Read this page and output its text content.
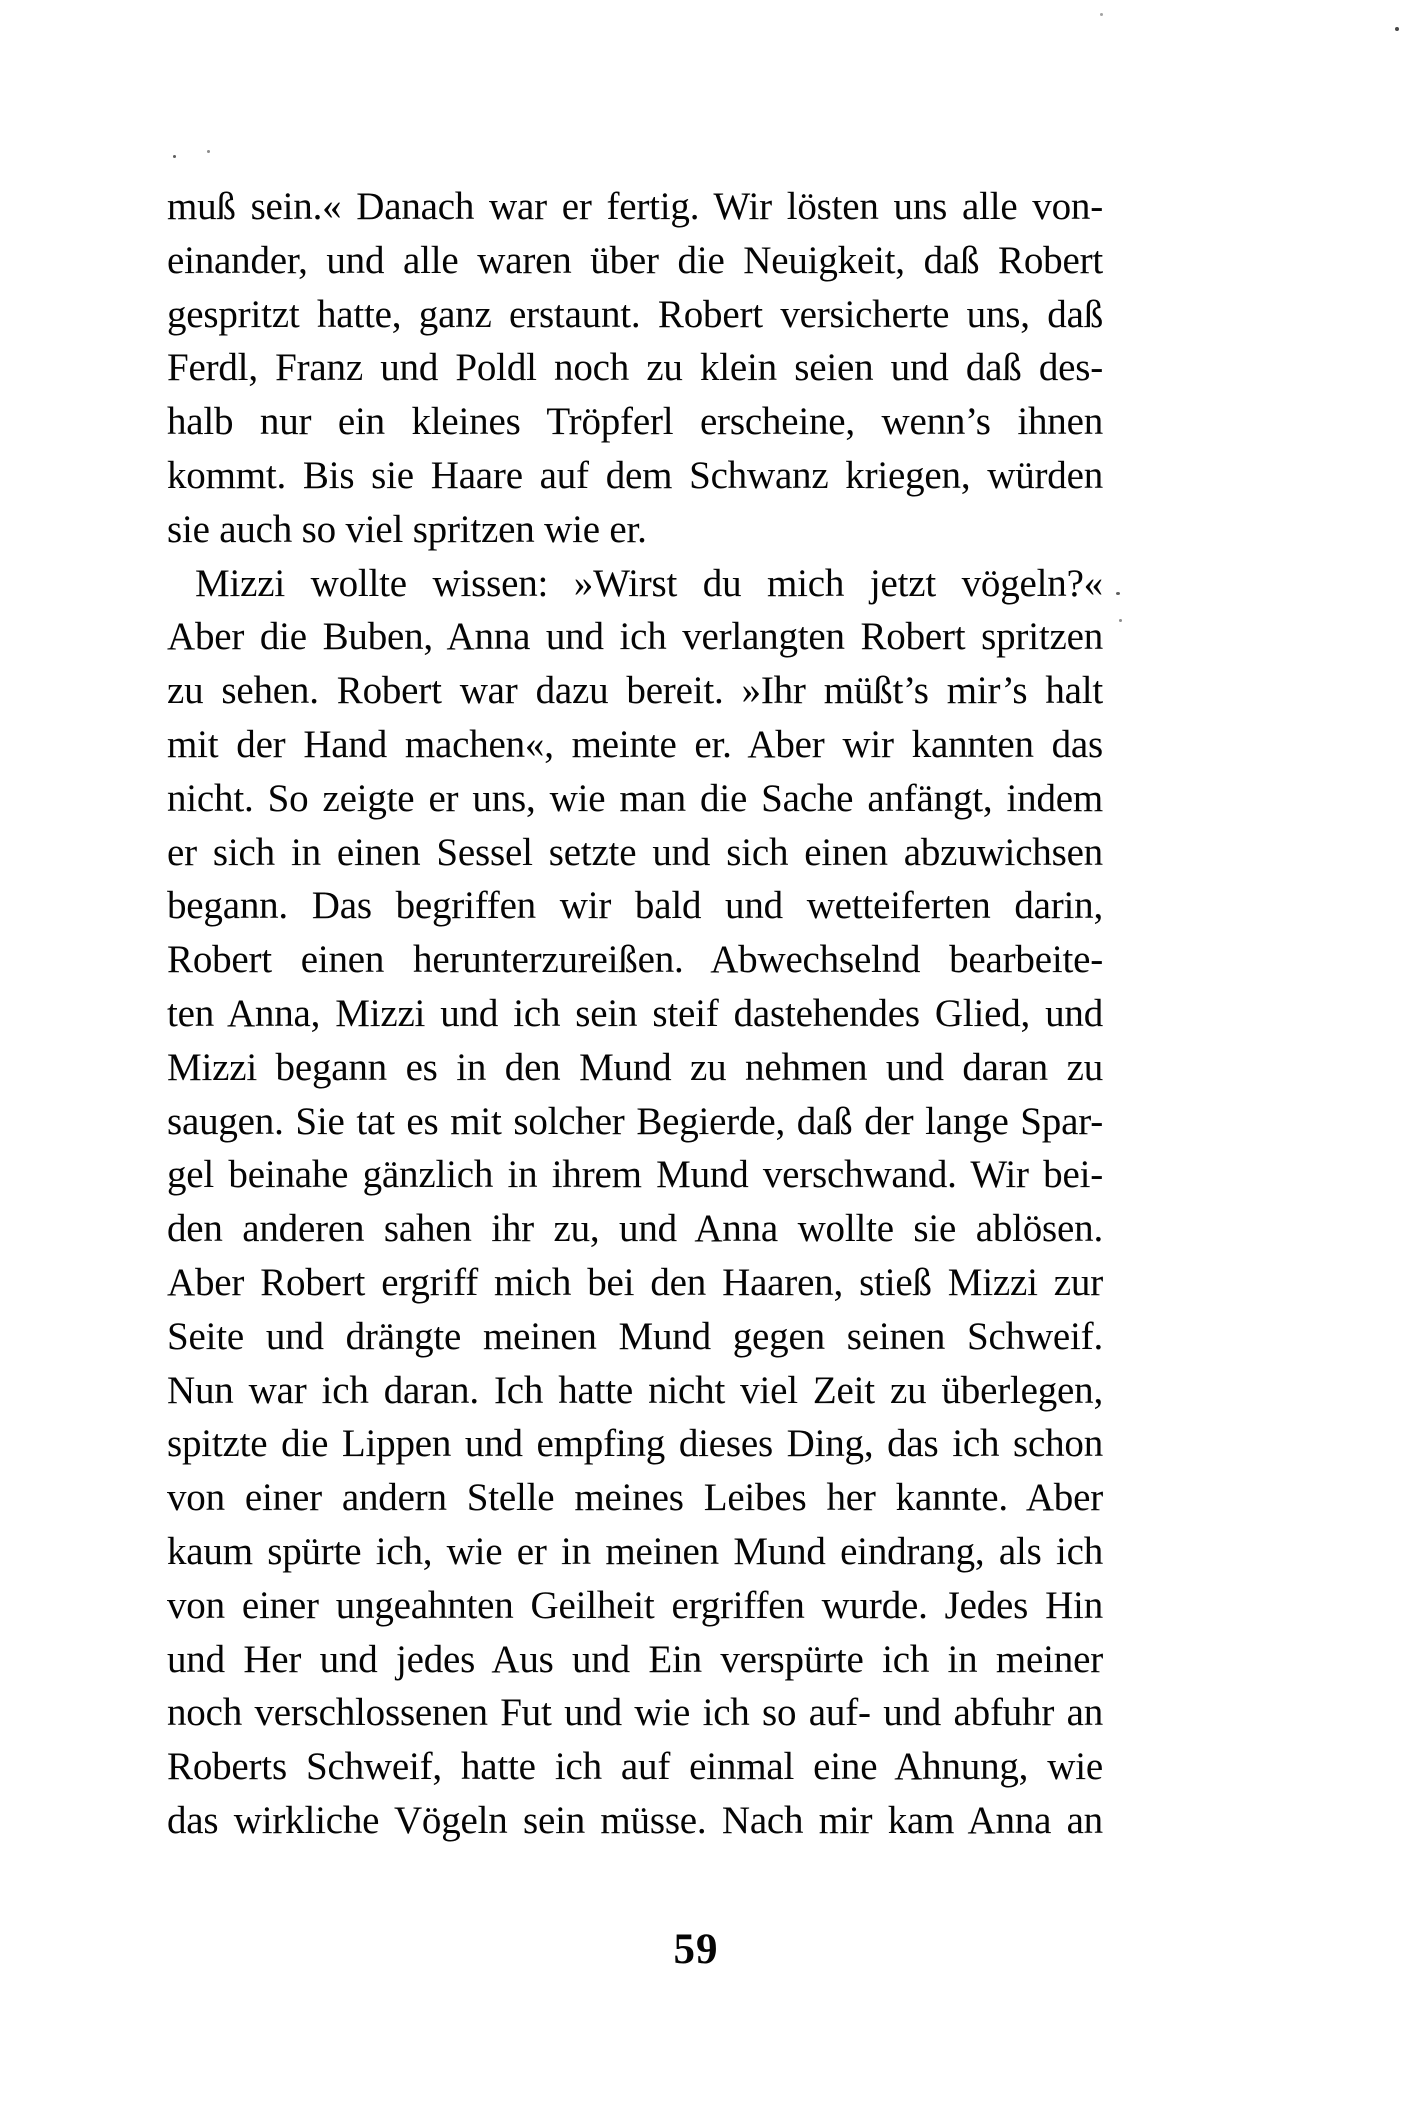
muß sein.« Danach war er fertig. Wir lösten uns alle von-
einander, und alle waren über die Neuigkeit, daß Robert
gespritzt hatte, ganz erstaunt. Robert versicherte uns, daß
Ferdl, Franz und Poldl noch zu klein seien und daß des-
halb nur ein kleines Tröpferl erscheine, wenn’s ihnen
kommt. Bis sie Haare auf dem Schwanz kriegen, würden
sie auch so viel spritzen wie er.
Mizzi wollte wissen: »Wirst du mich jetzt vögeln?«
Aber die Buben, Anna und ich verlangten Robert spritzen
zu sehen. Robert war dazu bereit. »Ihr müßt’s mir’s halt
mit der Hand machen«, meinte er. Aber wir kannten das
nicht. So zeigte er uns, wie man die Sache anfängt, indem
er sich in einen Sessel setzte und sich einen abzuwichsen
begann. Das begriffen wir bald und wetteiferten darin,
Robert einen herunterzureißen. Abwechselnd bearbeite-
ten Anna, Mizzi und ich sein steif dastehendes Glied, und
Mizzi begann es in den Mund zu nehmen und daran zu
saugen. Sie tat es mit solcher Begierde, daß der lange Spar-
gel beinahe gänzlich in ihrem Mund verschwand. Wir bei-
den anderen sahen ihr zu, und Anna wollte sie ablösen.
Aber Robert ergriff mich bei den Haaren, stieß Mizzi zur
Seite und drängte meinen Mund gegen seinen Schweif.
Nun war ich daran. Ich hatte nicht viel Zeit zu überlegen,
spitzte die Lippen und empfing dieses Ding, das ich schon
von einer andern Stelle meines Leibes her kannte. Aber
kaum spürte ich, wie er in meinen Mund eindrang, als ich
von einer ungeahnten Geilheit ergriffen wurde. Jedes Hin
und Her und jedes Aus und Ein verspürte ich in meiner
noch verschlossenen Fut und wie ich so auf- und abfuhr an
Roberts Schweif, hatte ich auf einmal eine Ahnung, wie
das wirkliche Vögeln sein müsse. Nach mir kam Anna an
59
